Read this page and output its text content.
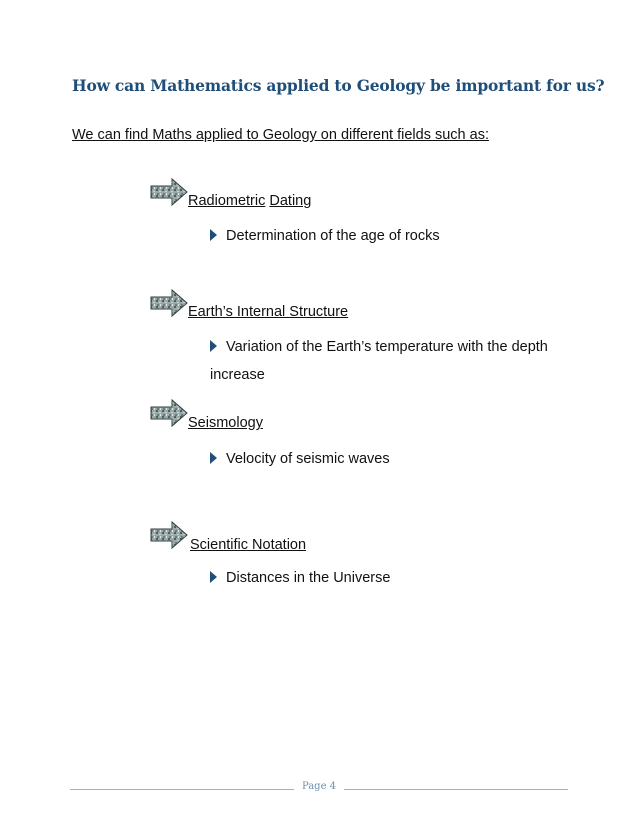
How can Mathematics applied to Geology be important for us?
We can find Maths applied to Geology on different fields such as:
Radiometric Dating
Determination of the age of rocks
Earth’s Internal Structure
Variation of the Earth’s temperature with the depth increase
Seismology
Velocity of seismic waves
Scientific Notation
Distances in the Universe
Page 4
